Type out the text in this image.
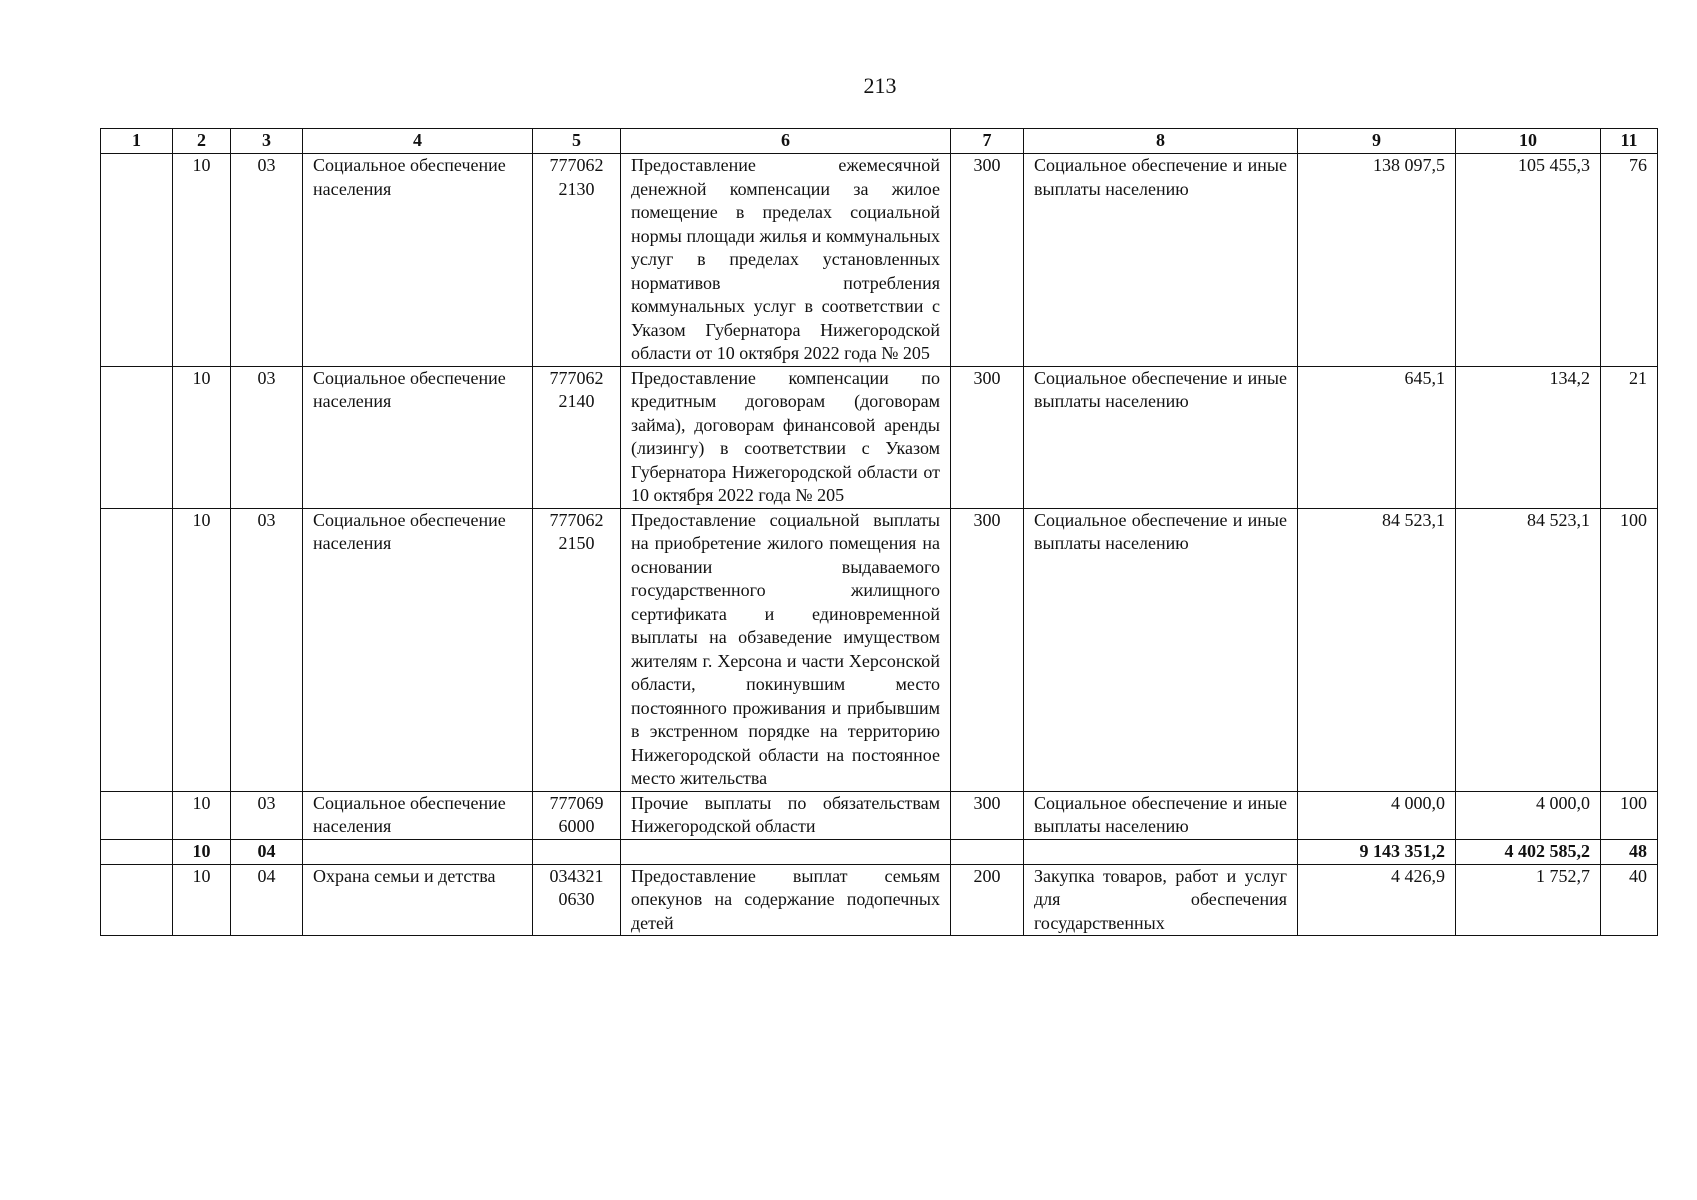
213
1	2	3	4	5	6	7	8	9	10	11
	10	03	Социальное обеспечение населения	777062 2130	Предоставление ежемесячной денежной компенсации за жилое помещение в пределах социальной нормы площади жилья и коммунальных услуг в пределах установленных нормативов потребления коммунальных услуг в соответствии с Указом Губернатора Нижегородской области от 10 октября 2022 года № 205	300	Социальное обеспечение и иные выплаты населению	138 097,5	105 455,3	76
	10	03	Социальное обеспечение населения	777062 2140	Предоставление компенсации по кредитным договорам (договорам займа), договорам финансовой аренды (лизингу) в соответствии с Указом Губернатора Нижегородской области от 10 октября 2022 года № 205	300	Социальное обеспечение и иные выплаты населению	645,1	134,2	21
	10	03	Социальное обеспечение населения	777062 2150	Предоставление социальной выплаты на приобретение жилого помещения на основании выдаваемого государственного жилищного сертификата и единовременной выплаты на обзаведение имуществом жителям г. Херсона и части Херсонской области, покинувшим место постоянного проживания и прибывшим в экстренном порядке на территорию Нижегородской области на постоянное место жительства	300	Социальное обеспечение и иные выплаты населению	84 523,1	84 523,1	100
	10	03	Социальное обеспечение населения	777069 6000	Прочие выплаты по обязательствам Нижегородской области	300	Социальное обеспечение и иные выплаты населению	4 000,0	4 000,0	100
	10	04						9 143 351,2	4 402 585,2	48
	10	04	Охрана семьи и детства	034321 0630	Предоставление выплат семьям опекунов на содержание подопечных детей	200	Закупка товаров, работ и услуг для обеспечения государственных	4 426,9	1 752,7	40
